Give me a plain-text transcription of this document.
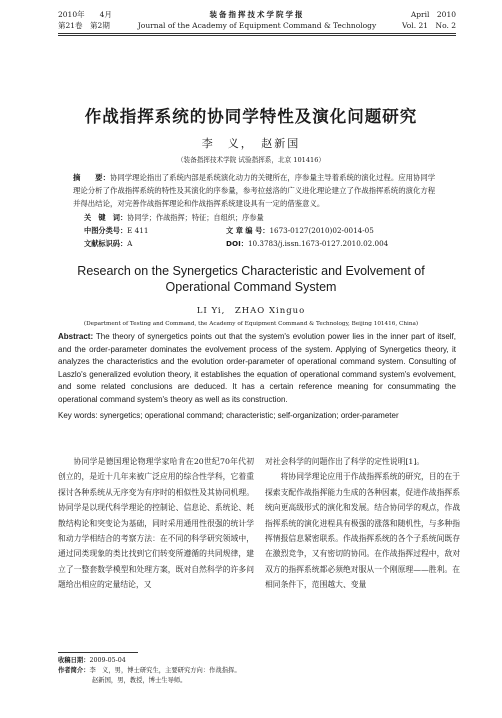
2010年　　4月
第21卷　第2期
装备指挥技术学院学报
Journal of the Academy of Equipment Command & Technology
April　2010
Vol. 21　No. 2
作战指挥系统的协同学特性及演化问题研究
李　义，　赵新国
（装备指挥技术学院 试验指挥系，北京 101416）
摘　　要：协同学理论指出了系统内部是系统演化动力的关键所在，序参量主导着系统的演化过程。应用协同学理论分析了作战指挥系统的特性及其演化的序参量，参考拉兹洛的广义进化理论建立了作战指挥系统的演化方程并得出结论，对完善作战指挥理论和作战指挥系统建设具有一定的借鉴意义。
关　键　词：协同学；作战指挥；特征；自组织；序参量
中图分类号：E 411
文献标识码：A
文 章 编 号：1673-0127(2010)02-0014-05
DOI：10.3783/j.issn.1673-0127.2010.02.004
Research on the Synergetics Characteristic and Evolvement of
Operational Command System
LI Yi,　ZHAO Xinguo
(Department of Testing and Command, the Academy of Equipment Command & Technology, Beijing 101416, China)
Abstract: The theory of synergetics points out that the system's evolution power lies in the inner part of itself, and the order-parameter dominates the evolvement process of the system. Applying of Synergetics theory, it analyzes the characteristics and the evolution order-parameter of operational command system. Consulting of Laszlo's generalized evolution theory, it establishes the equation of operational command system's evolvement, and some related conclusions are deduced. It has a certain reference meaning for consummating the operational command system's theory as well as its construction.
Key words: synergetics; operational command; characteristic; self-organization; order-parameter
协同学是德国理论物理学家哈肯在20世纪70年代初创立的，是近十几年来被广泛应用的综合性学科，它着重探讨各种系统从无序变为有序时的相似性及其协同机理。协同学是以现代科学理论的控制论、信息论、系统论、耗散结构论和突变论为基础，同时采用通用性很强的统计学和动力学相结合的考察方法：在不同的科学研究领域中，通过同类现象的类比找到它们转变所遵循的共同规律，建立了一整套数学模型和处理方案，既对自然科学的许多问题给出相应的定量结论，又
对社会科学的问题作出了科学的定性说明[1]。
将协同学理论应用于作战指挥系统的研究，目的在于探索支配作战指挥能力生成的各种因素，促进作战指挥系统向更高级形式的演化和发展。结合协同学的观点，作战指挥系统的演化进程具有极强的涨落和随机性，与多种指挥情报信息紧密联系。作战指挥系统的各个子系统间既存在激烈竞争，又有密切的协同。在作战指挥过程中，敌对双方的指挥系统都必须绝对服从一个刚原理——胜利。在相同条件下，范围越大、变量
收稿日期：2009-05-04
作者简介：李　义，男，博士研究生，主要研究方向：作战指挥。
赵新国，男，教授，博士生导师。
